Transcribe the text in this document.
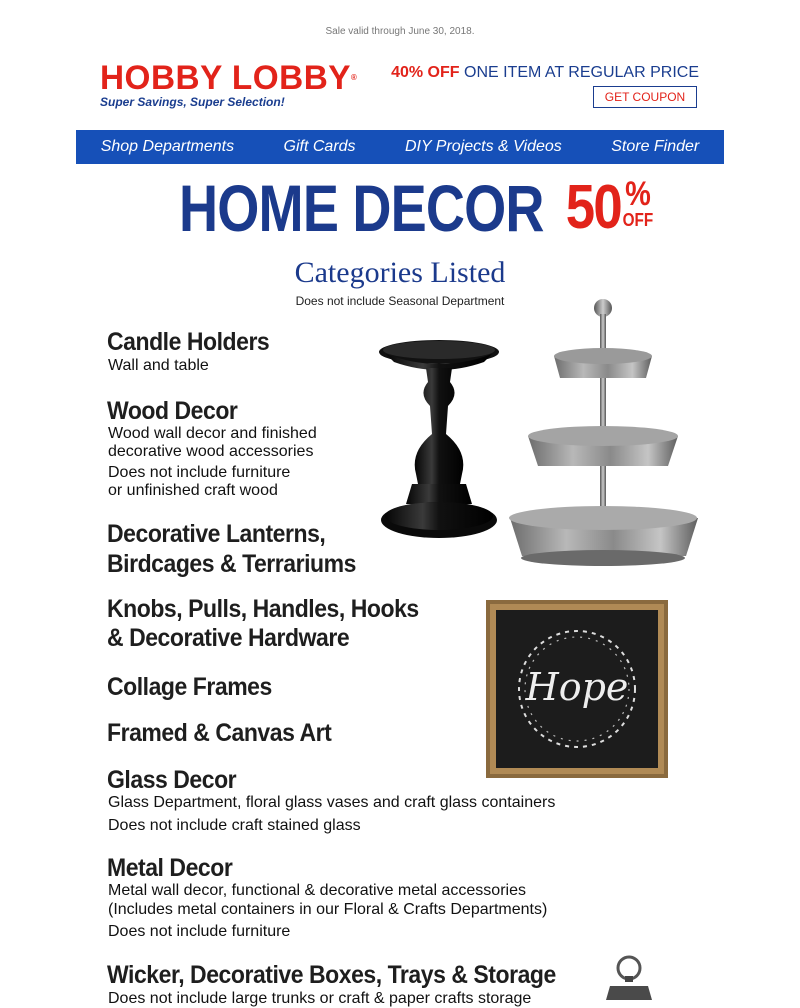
Sale valid through June 30, 2018.
HOBBY LOBBY®
Super Savings, Super Selection!
40% OFF ONE ITEM AT REGULAR PRICE
GET COUPON
Shop Departments	Gift Cards	DIY Projects & Videos	Store Finder
HOME DECOR 50 %
OFF
Categories Listed
Does not include Seasonal Department
Candle Holders
Wall and table
Wood Decor
Wood wall decor and finished
decorative wood accessories
Does not include furniture
or unfinished craft wood
Decorative Lanterns,
Birdcages & Terrariums
Knobs, Pulls, Handles, Hooks
& Decorative Hardware
Collage Frames
Framed & Canvas Art
Glass Decor
Glass Department, floral glass vases and craft glass containers
Does not include craft stained glass
Metal Decor
Metal wall decor, functional & decorative metal accessories
(Includes metal containers in our Floral & Crafts Departments)
Does not include furniture
Wicker, Decorative Boxes, Trays & Storage
Does not include large trunks or craft & paper crafts storage
Hope
